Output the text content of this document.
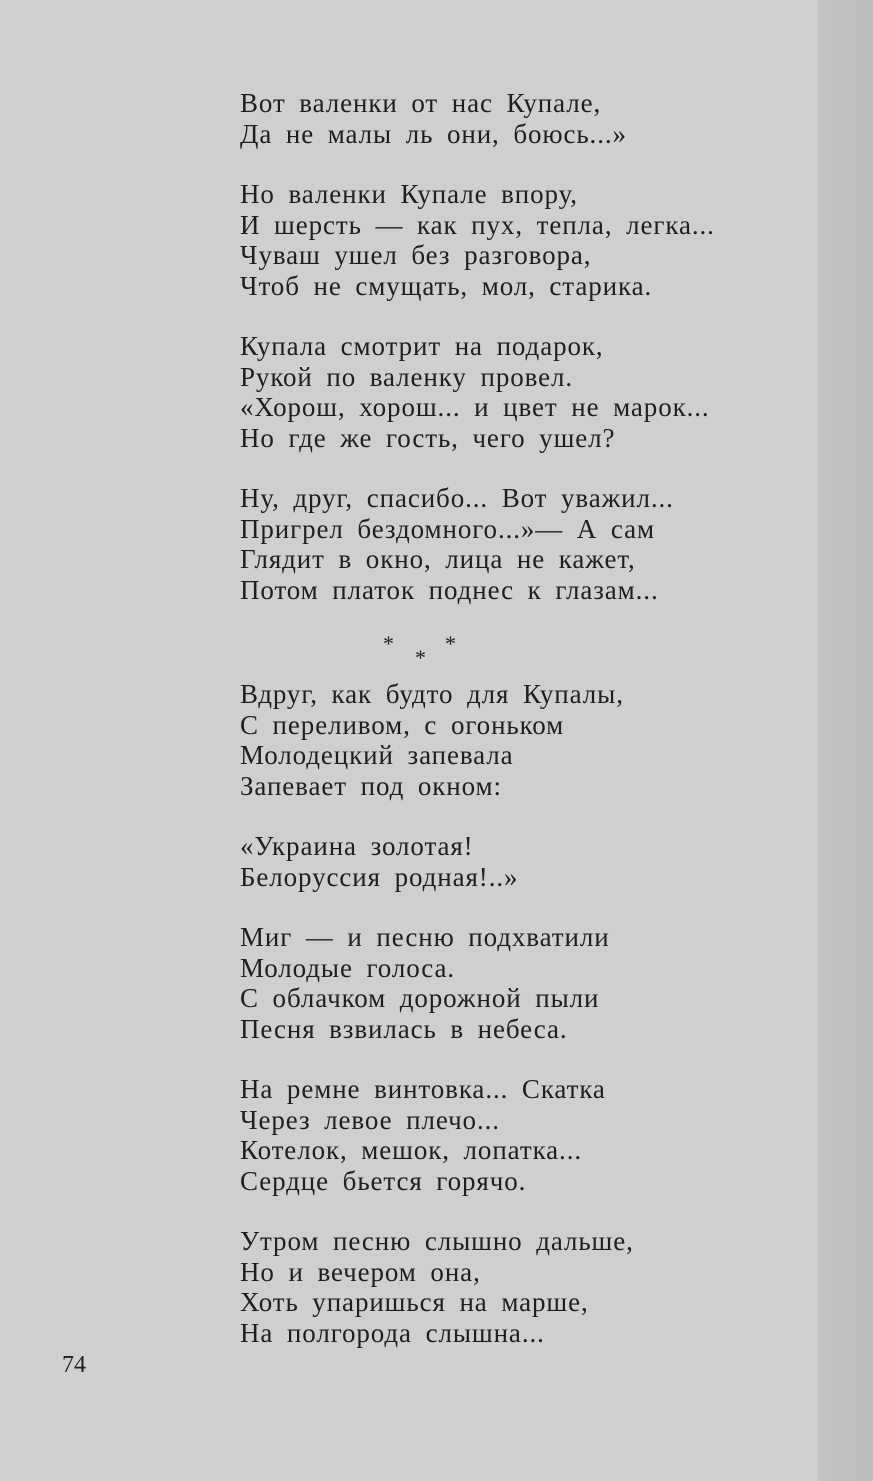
Вот валенки от нас Купале,
Да не малы ль они, боюсь...»
Но валенки Купале впору,
И шерсть — как пух, тепла, легка...
Чуваш ушел без разговора,
Чтоб не смущать, мол, старика.
Купала смотрит на подарок,
Рукой по валенку провел.
«Хорош, хорош... и цвет не марок...
Но где же гость, чего ушел?
Ну, друг, спасибо... Вот уважил...
Пригрел бездомного...»— А сам
Глядит в окно, лица не кажет,
Потом платок поднес к глазам...
*
*
*
Вдруг, как будто для Купалы,
С переливом, с огоньком
Молодецкий запевала
Запевает под окном:
«Украина золотая!
Белоруссия родная!..»
Миг — и песню подхватили
Молодые голоса.
С облачком дорожной пыли
Песня взвилась в небеса.
На ремне винтовка... Скатка
Через левое плечо...
Котелок, мешок, лопатка...
Сердце бьется горячо.
Утром песню слышно дальше,
Но и вечером она,
Хоть упаришься на марше,
На полгорода слышна...
74
